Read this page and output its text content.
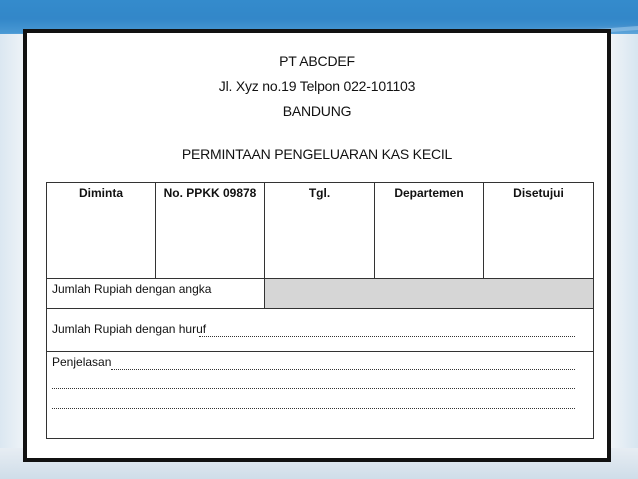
PT ABCDEF
Jl. Xyz no.19 Telpon 022-101103
BANDUNG
PERMINTAAN PENGELUARAN KAS KECIL
Diminta	No. PPKK 09878	Tgl.	Departemen	Disetujui
Jumlah Rupiah dengan angka
Jumlah Rupiah dengan huruf
Penjelasan
